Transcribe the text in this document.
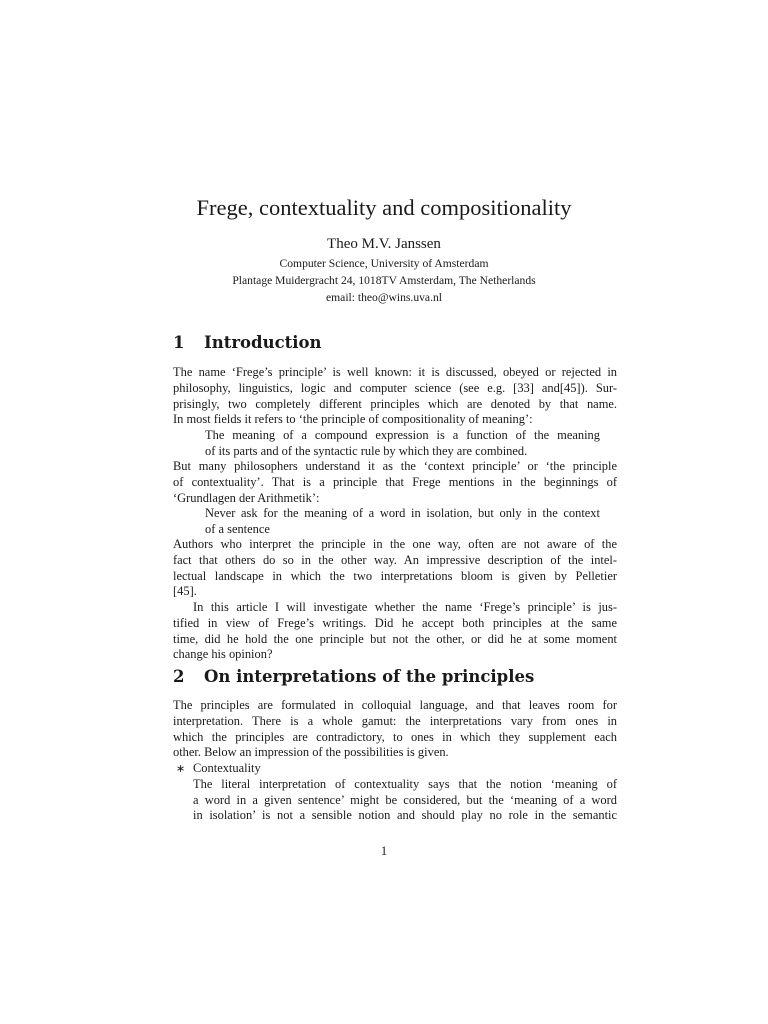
Frege, contextuality and compositionality
Theo M.V. Janssen
Computer Science, University of Amsterdam
Plantage Muidergracht 24, 1018TV Amsterdam, The Netherlands
email: theo@wins.uva.nl
1 Introduction
The name ‘Frege’s principle’ is well known: it is discussed, obeyed or rejected in
philosophy, linguistics, logic and computer science (see e.g. [33] and[45]). Sur-
prisingly, two completely different principles which are denoted by that name.
In most fields it refers to ‘the principle of compositionality of meaning’:
The meaning of a compound expression is a function of the meaning
of its parts and of the syntactic rule by which they are combined.
But many philosophers understand it as the ‘context principle’ or ‘the principle
of contextuality’. That is a principle that Frege mentions in the beginnings of
‘Grundlagen der Arithmetik’:
Never ask for the meaning of a word in isolation, but only in the context
of a sentence
Authors who interpret the principle in the one way, often are not aware of the
fact that others do so in the other way. An impressive description of the intel-
lectual landscape in which the two interpretations bloom is given by Pelletier
[45].
In this article I will investigate whether the name ‘Frege’s principle’ is jus-
tified in view of Frege’s writings. Did he accept both principles at the same
time, did he hold the one principle but not the other, or did he at some moment
change his opinion?
2 On interpretations of the principles
The principles are formulated in colloquial language, and that leaves room for
interpretation. There is a whole gamut: the interpretations vary from ones in
which the principles are contradictory, to ones in which they supplement each
other. Below an impression of the possibilities is given.
∗ Contextuality
The literal interpretation of contextuality says that the notion ‘meaning of
a word in a given sentence’ might be considered, but the ‘meaning of a word
in isolation’ is not a sensible notion and should play no role in the semantic
1
